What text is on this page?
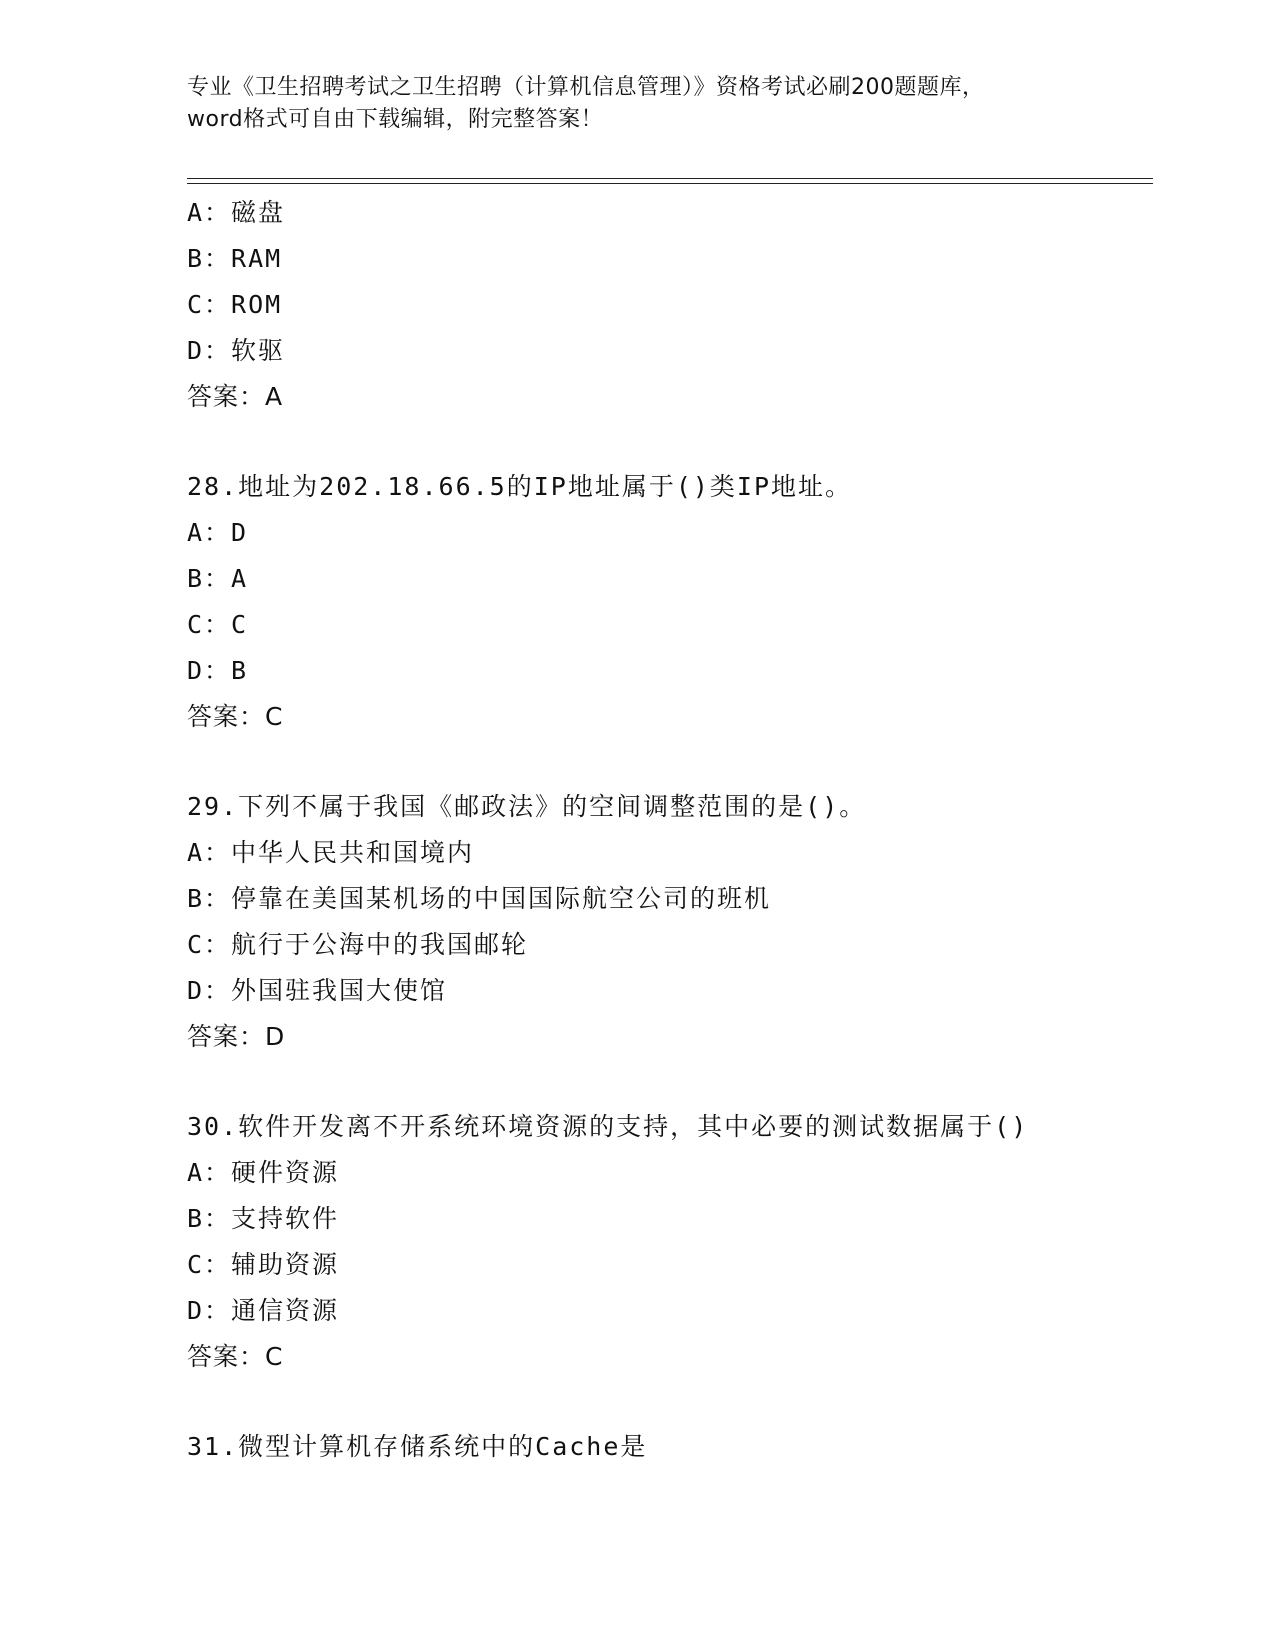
专业《卫生招聘考试之卫生招聘（计算机信息管理）》资格考试必刷200题题库，
word格式可自由下载编辑，附完整答案！
A：磁盘
B：RAM
C：ROM
D：软驱
答案：A
28.地址为202.18.66.5的IP地址属于()类IP地址。
A：D
B：A
C：C
D：B
答案：C
29.下列不属于我国《邮政法》的空间调整范围的是()。
A：中华人民共和国境内
B：停靠在美国某机场的中国国际航空公司的班机
C：航行于公海中的我国邮轮
D：外国驻我国大使馆
答案：D
30.软件开发离不开系统环境资源的支持，其中必要的测试数据属于()
A：硬件资源
B：支持软件
C：辅助资源
D：通信资源
答案：C
31.微型计算机存储系统中的Cache是
